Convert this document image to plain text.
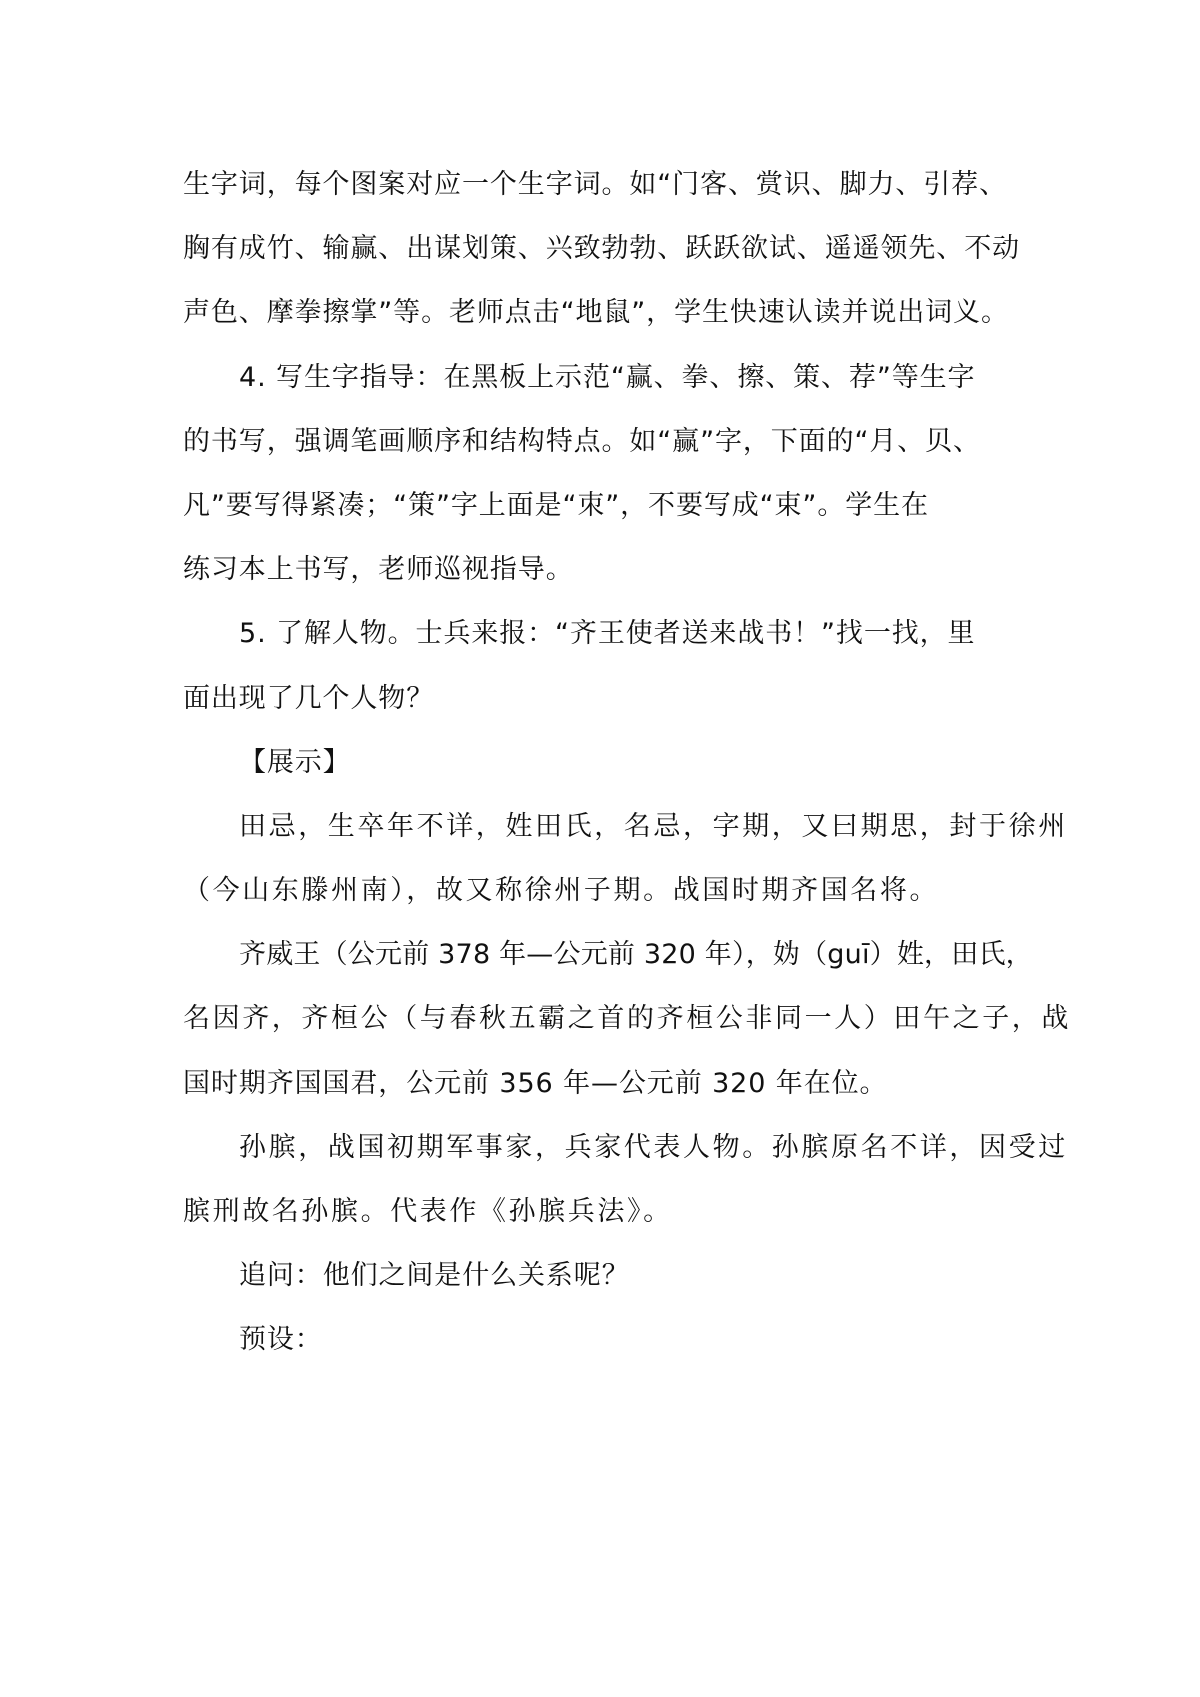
生字词，每个图案对应一个生字词。如“门客、赏识、脚力、引荐、
胸有成竹、输赢、出谋划策、兴致勃勃、跃跃欲试、遥遥领先、不动
声色、摩拳擦掌”等。老师点击“地鼠”，学生快速认读并说出词义。
4. 写生字指导：在黑板上示范“赢、拳、擦、策、荐”等生字
的书写，强调笔画顺序和结构特点。如“赢”字，下面的“月、贝、
凡”要写得紧凑；“策”字上面是“朿”，不要写成“束”。学生在
练习本上书写，老师巡视指导。
5. 了解人物。士兵来报：“齐王使者送来战书！”找一找，里
面出现了几个人物？
【展示】
田忌，生卒年不详，姓田氏，名忌，字期，又曰期思，封于徐州
（今山东滕州南），故又称徐州子期。战国时期齐国名将。
齐威王（公元前 378 年—公元前 320 年），妫（guī）姓，田氏，
名因齐，齐桓公（与春秋五霸之首的齐桓公非同一人）田午之子，战
国时期齐国国君，公元前 356 年—公元前 320 年在位。
孙膑，战国初期军事家，兵家代表人物。孙膑原名不详，因受过
膑刑故名孙膑。代表作《孙膑兵法》。
追问：他们之间是什么关系呢？
预设：
